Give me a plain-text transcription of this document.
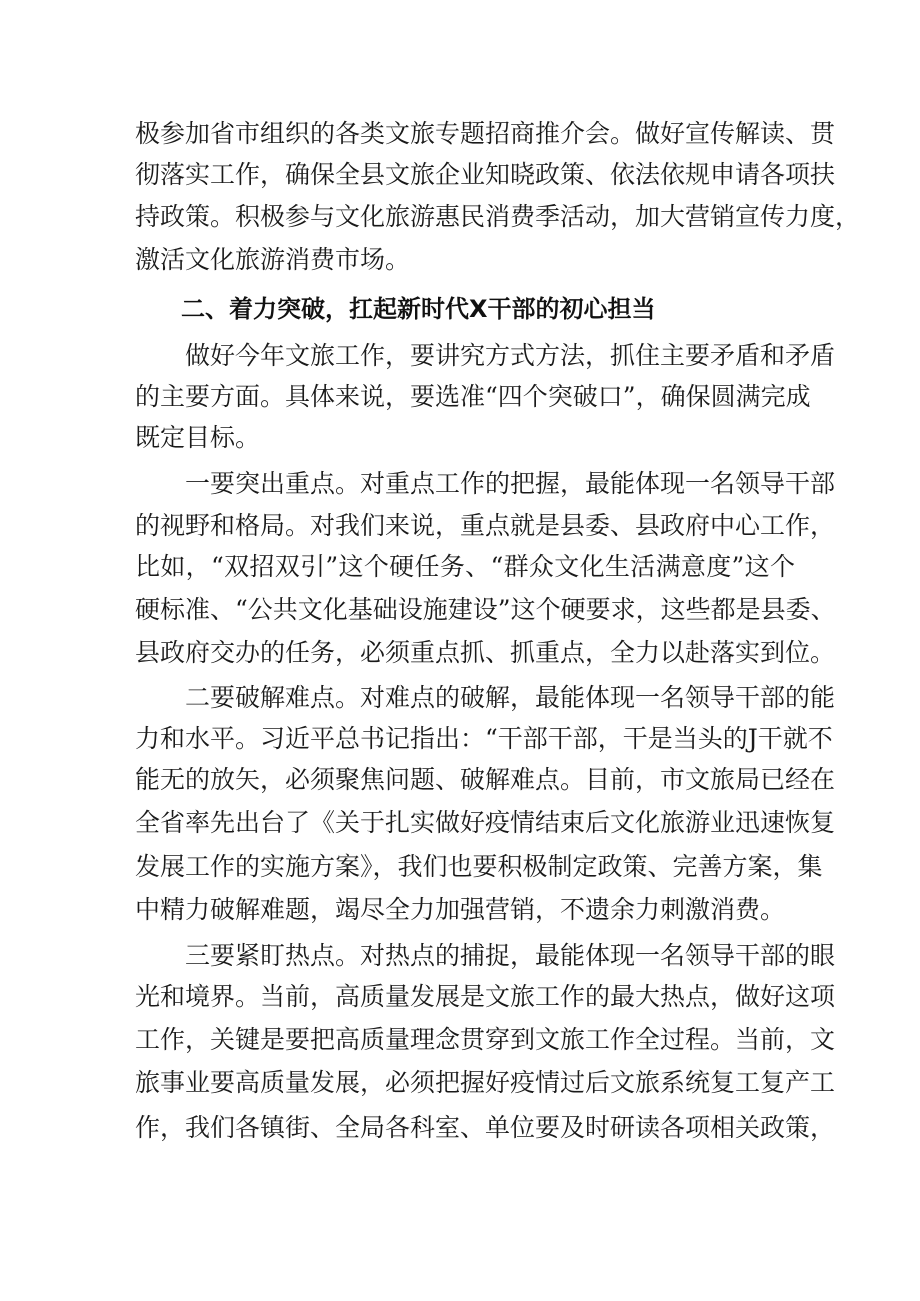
极参加省市组织的各类文旅专题招商推介会。做好宣传解读、贯
彻落实工作，确保全县文旅企业知晓政策、依法依规申请各项扶
持政策。积极参与文化旅游惠民消费季活动，加大营销宣传力度，
激活文化旅游消费市场。
二、着力突破，扛起新时代X干部的初心担当
做好今年文旅工作，要讲究方式方法，抓住主要矛盾和矛盾
的主要方面。具体来说，要选准“四个突破口”，确保圆满完成
既定目标。
一要突出重点。对重点工作的把握，最能体现一名领导干部
的视野和格局。对我们来说，重点就是县委、县政府中心工作，
比如，“双招双引”这个硬任务、“群众文化生活满意度”这个
硬标准、“公共文化基础设施建设”这个硬要求，这些都是县委、
县政府交办的任务，必须重点抓、抓重点，全力以赴落实到位。
二要破解难点。对难点的破解，最能体现一名领导干部的能
力和水平。习近平总书记指出：“干部干部，干是当头的J干就不
能无的放矢，必须聚焦问题、破解难点。目前，市文旅局已经在
全省率先出台了《关于扎实做好疫情结束后文化旅游业迅速恢复
发展工作的实施方案》，我们也要积极制定政策、完善方案，集
中精力破解难题，竭尽全力加强营销，不遗余力刺激消费。
三要紧盯热点。对热点的捕捉，最能体现一名领导干部的眼
光和境界。当前，高质量发展是文旅工作的最大热点，做好这项
工作，关键是要把高质量理念贯穿到文旅工作全过程。当前，文
旅事业要高质量发展，必须把握好疫情过后文旅系统复工复产工
作，我们各镇街、全局各科室、单位要及时研读各项相关政策，
